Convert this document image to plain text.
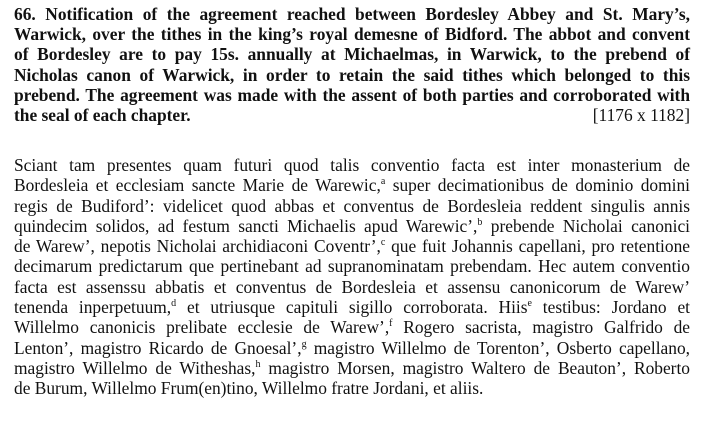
66. Notification of the agreement reached between Bordesley Abbey and St. Mary’s,
Warwick, over the tithes in the king’s royal demesne of Bidford. The abbot and convent
of Bordesley are to pay 15s. annually at Michaelmas, in Warwick, to the prebend of
Nicholas canon of Warwick, in order to retain the said tithes which belonged to this
prebend. The agreement was made with the assent of both parties and corroborated with
the seal of each chapter.	[1176 x 1182]
Sciant tam presentes quam futuri quod talis conventio facta est inter monasterium de
Bordesleia et ecclesiam sancte Marie de Warewic,$^a$ super decimationibus de dominio domini
regis de Budiford’: videlicet quod abbas et conventus de Bordesleia reddent singulis annis
quindecim solidos, ad festum sancti Michaelis apud Warewic’,$^b$ prebende Nicholai canonici
de Warew’, nepotis Nicholai archidiaconi Coventr’,$^c$ que fuit Johannis capellani, pro retentione
decimarum predictarum que pertinebant ad supranominatam prebendam. Hec autem conventio
facta est assenssu abbatis et conventus de Bordesleia et assensu canonicorum de Warew’
tenenda inperpetuum,$^d$ et utriusque capituli sigillo corroborata. Hiis$^e$ testibus: Jordano et
Willelmo canonicis prelibate ecclesie de Warew’,$^f$ Rogero sacrista, magistro Galfrido de
Lenton’, magistro Ricardo de Gnoesal’,$^g$ magistro Willelmo de Torenton’, Osberto capellano,
magistro Willelmo de Witheshas,$^h$ magistro Morsen, magistro Waltero de Beauton’, Roberto
de Burum, Willelmo Frum(en)tino, Willelmo fratre Jordani, et aliis.
